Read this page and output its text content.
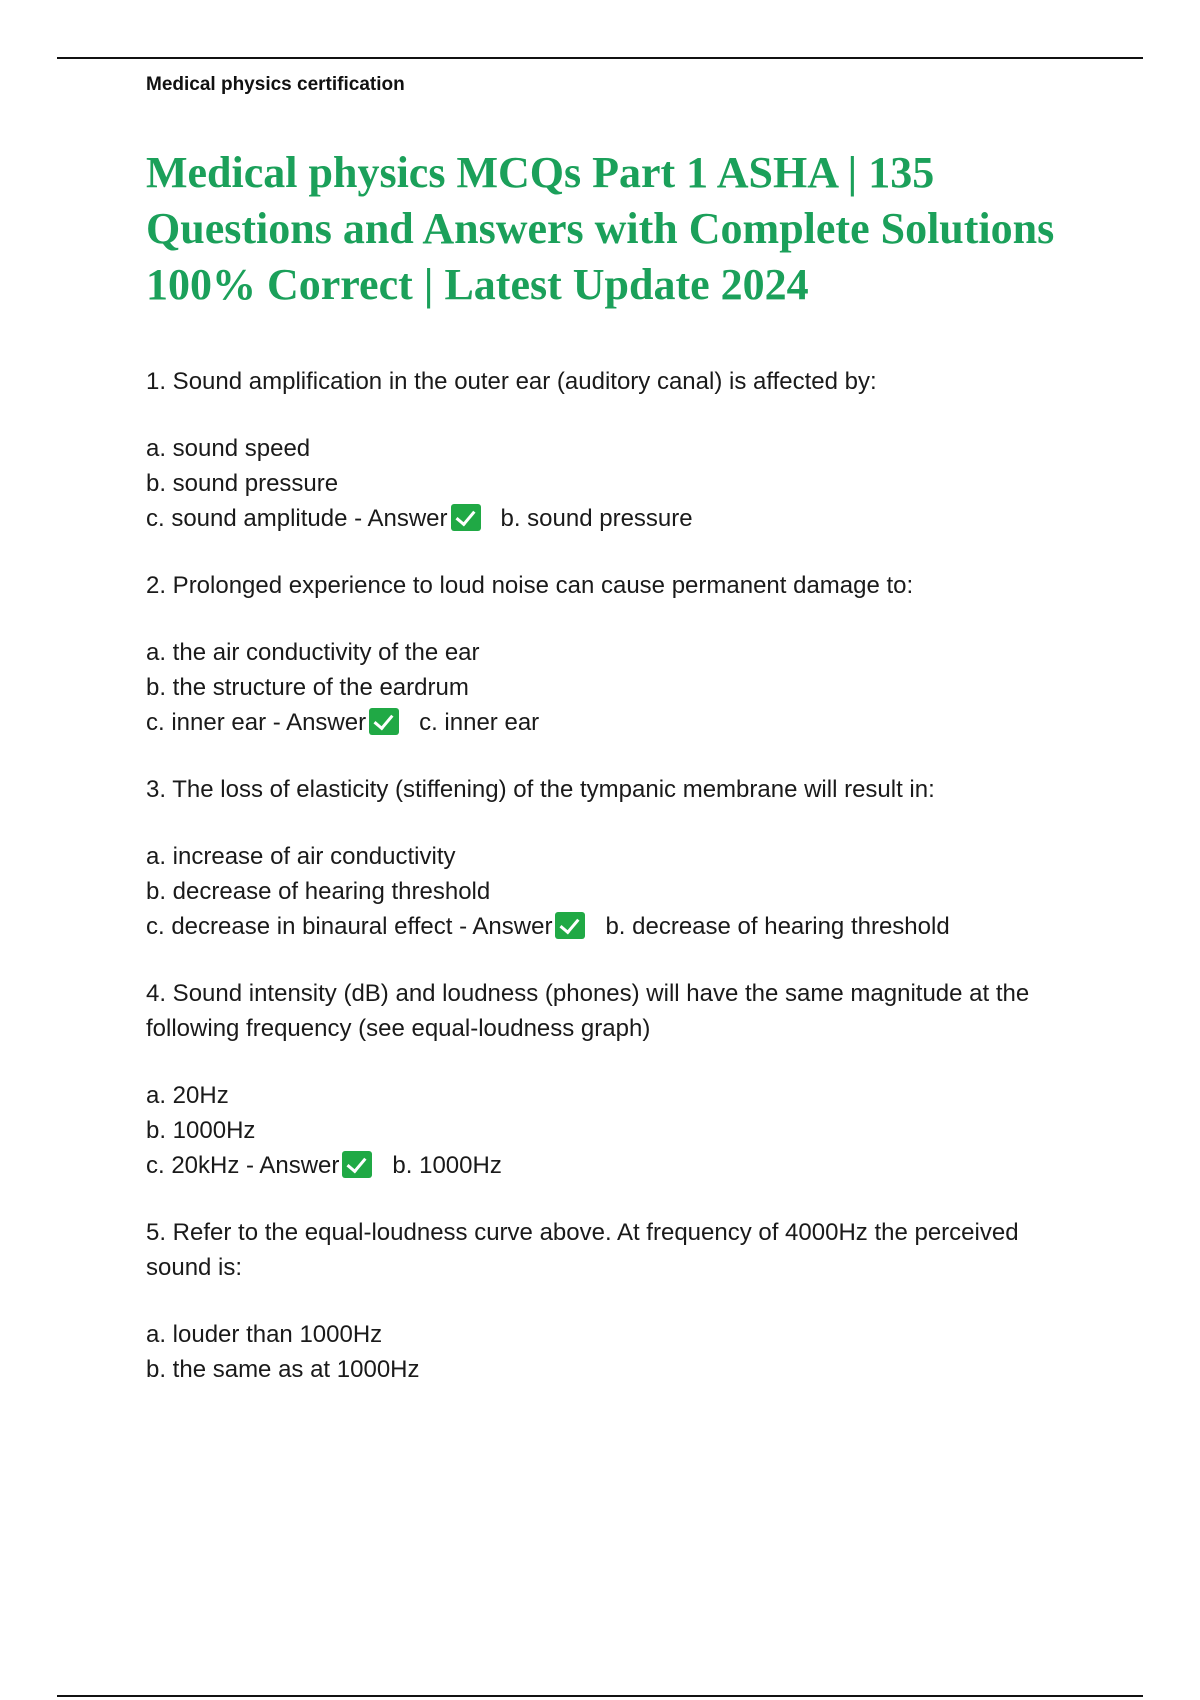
Medical physics certification
Medical physics MCQs Part 1 ASHA | 135
Questions and Answers with Complete Solutions
100% Correct | Latest Update 2024
1. Sound amplification in the outer ear (auditory canal) is affected by:
a. sound speed
b. sound pressure
c. sound amplitude - Answer b. sound pressure
2. Prolonged experience to loud noise can cause permanent damage to:
a. the air conductivity of the ear
b. the structure of the eardrum
c. inner ear - Answer c. inner ear
3. The loss of elasticity (stiffening) of the tympanic membrane will result in:
a. increase of air conductivity
b. decrease of hearing threshold
c. decrease in binaural effect - Answer b. decrease of hearing threshold
4. Sound intensity (dB) and loudness (phones) will have the same magnitude at the following frequency (see equal-loudness graph)
a. 20Hz
b. 1000Hz
c. 20kHz - Answer b. 1000Hz
5. Refer to the equal-loudness curve above. At frequency of 4000Hz the perceived sound is:
a. louder than 1000Hz
b. the same as at 1000Hz
